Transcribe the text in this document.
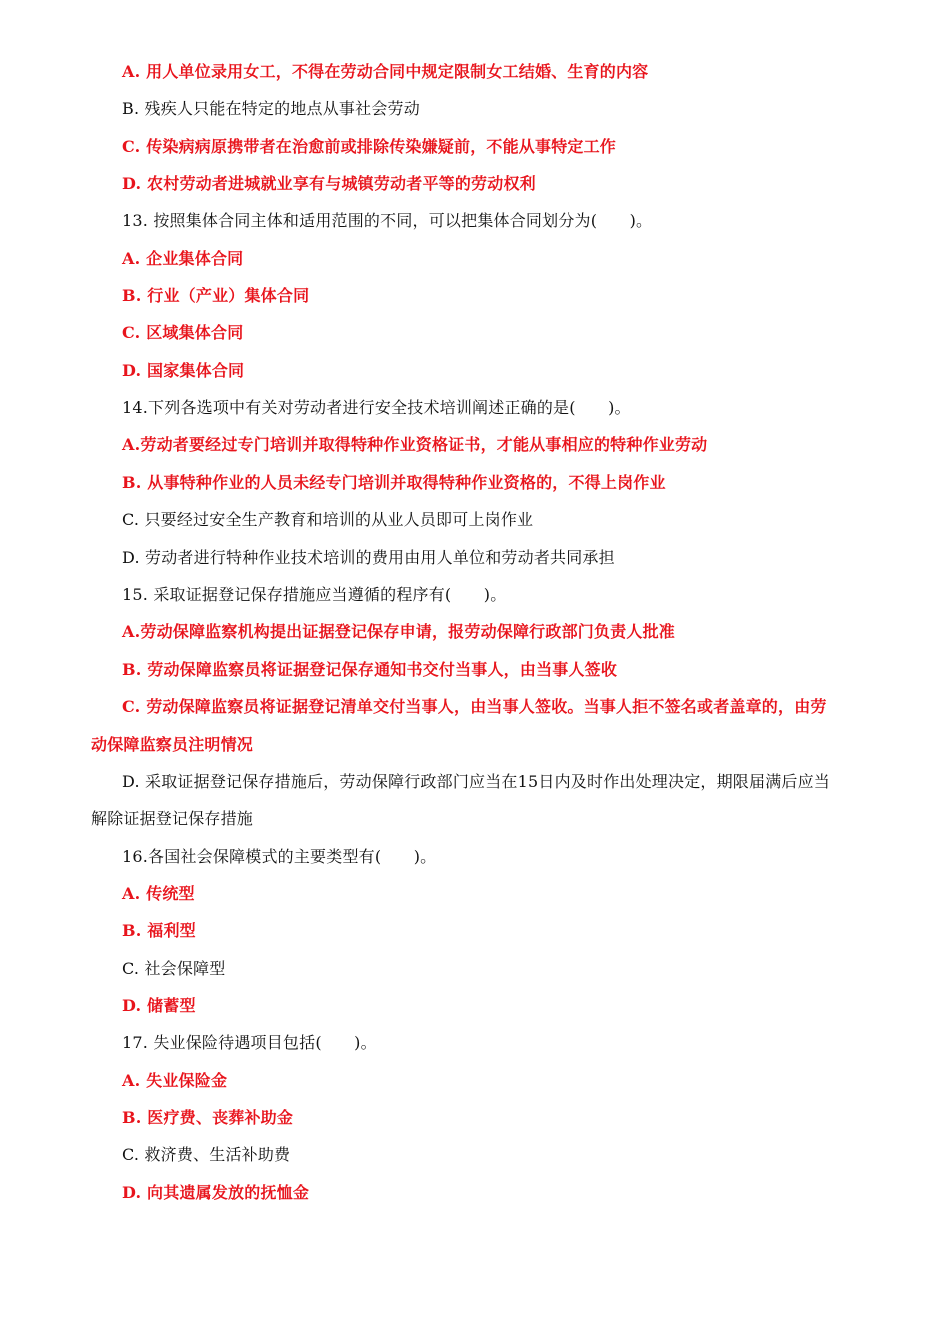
A. 用人单位录用女工，不得在劳动合同中规定限制女工结婚、生育的内容
B. 残疾人只能在特定的地点从事社会劳动
C. 传染病病原携带者在治愈前或排除传染嫌疑前，不能从事特定工作
D. 农村劳动者进城就业享有与城镇劳动者平等的劳动权利
13. 按照集体合同主体和适用范围的不同，可以把集体合同划分为(　　)。
A. 企业集体合同
B. 行业（产业）集体合同
C. 区域集体合同
D. 国家集体合同
14.下列各选项中有关对劳动者进行安全技术培训阐述正确的是(　　)。
A.劳动者要经过专门培训并取得特种作业资格证书，才能从事相应的特种作业劳动
B. 从事特种作业的人员未经专门培训并取得特种作业资格的，不得上岗作业
C. 只要经过安全生产教育和培训的从业人员即可上岗作业
D. 劳动者进行特种作业技术培训的费用由用人单位和劳动者共同承担
15. 采取证据登记保存措施应当遵循的程序有(　　)。
A.劳动保障监察机构提出证据登记保存申请，报劳动保障行政部门负责人批准
B. 劳动保障监察员将证据登记保存通知书交付当事人，由当事人签收
C. 劳动保障监察员将证据登记清单交付当事人，由当事人签收。当事人拒不签名或者盖章的，由劳
动保障监察员注明情况
D. 采取证据登记保存措施后，劳动保障行政部门应当在15日内及时作出处理决定，期限届满后应当
解除证据登记保存措施
16.各国社会保障模式的主要类型有(　　)。
A. 传统型
B. 福利型
C. 社会保障型
D. 储蓄型
17. 失业保险待遇项目包括(　　)。
A. 失业保险金
B. 医疗费、丧葬补助金
C. 救济费、生活补助费
D. 向其遗属发放的抚恤金
